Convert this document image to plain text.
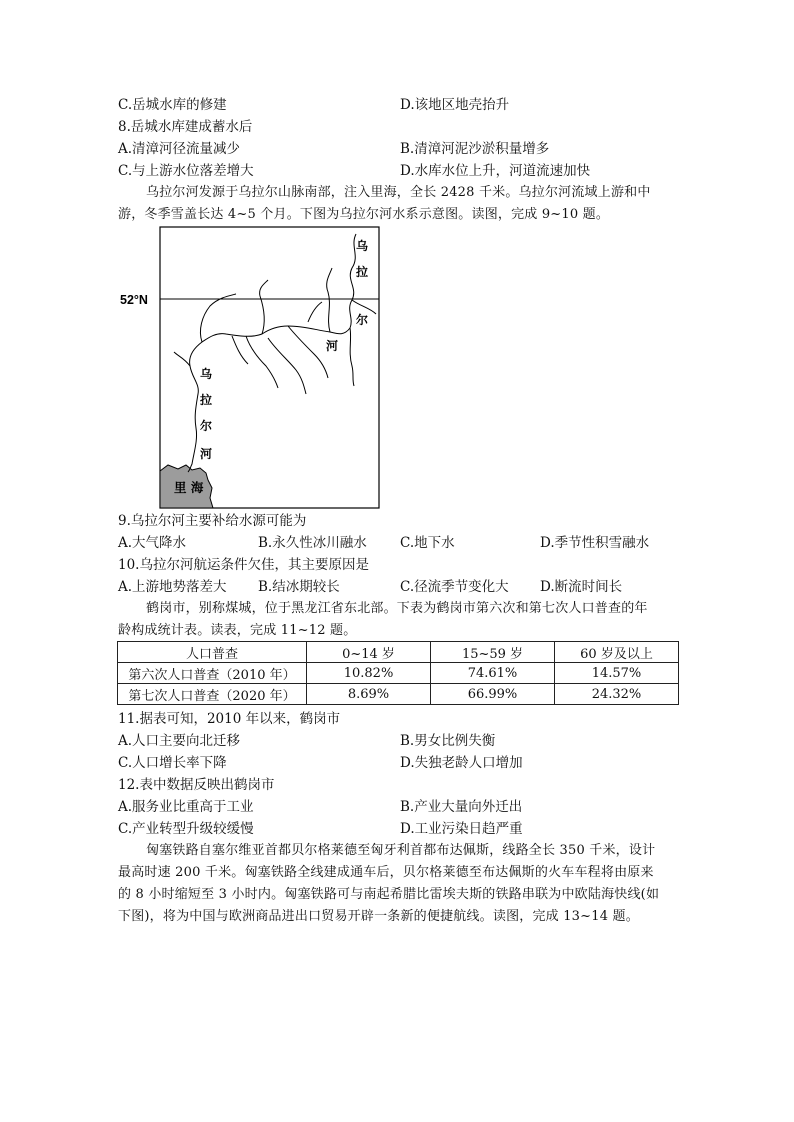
C.岳城水库的修建	D.该地区地壳抬升
8.岳城水库建成蓄水后
A.清漳河径流量减少	B.清漳河泥沙淤积量增多
C.与上游水位落差增大	D.水库水位上升，河道流速加快
乌拉尔河发源于乌拉尔山脉南部，注入里海，全长 2428 千米。乌拉尔河流域上游和中
游，冬季雪盖长达 4~5 个月。下图为乌拉尔河水系示意图。读图，完成 9~10 题。
52°N
乌
拉
尔
河
乌
拉
尔
河
里 海
9.乌拉尔河主要补给水源可能为
A.大气降水	B.永久性冰川融水 C.地下水	D.季节性积雪融水
10.乌拉尔河航运条件欠佳，其主要原因是
A.上游地势落差大 B.结冰期较长	C.径流季节变化大 D.断流时间长
鹤岗市，别称煤城，位于黑龙江省东北部。下表为鹤岗市第六次和第七次人口普查的年
龄构成统计表。读表，完成 11~12 题。
人口普查	0~14 岁	15~59 岁	60 岁及以上
第六次人口普查（2010 年）	10.82%	74.61%	14.57%
第七次人口普查（2020 年）	8.69%	66.99%	24.32%
11.据表可知，2010 年以来，鹤岗市
A.人口主要向北迁移	B.男女比例失衡
C.人口增长率下降	D.失独老龄人口增加
12.表中数据反映出鹤岗市
A.服务业比重高于工业	B.产业大量向外迁出
C.产业转型升级较缓慢	D.工业污染日趋严重
匈塞铁路自塞尔维亚首都贝尔格莱德至匈牙利首都布达佩斯，线路全长 350 千米，设计
最高时速 200 千米。匈塞铁路全线建成通车后，贝尔格莱德至布达佩斯的火车车程将由原来
的 8 小时缩短至 3 小时内。匈塞铁路可与南起希腊比雷埃夫斯的铁路串联为中欧陆海快线(如
下图)，将为中国与欧洲商品进出口贸易开辟一条新的便捷航线。读图，完成 13~14 题。
